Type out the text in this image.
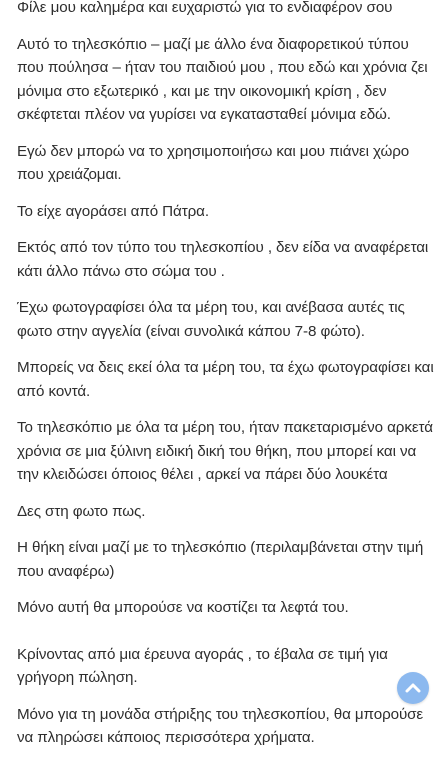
Φίλε μου καλημέρα και ευχαριστώ για το ενδιαφέρον σου

Αυτό το τηλεσκόπιο – μαζί με άλλο ένα διαφορετικού τύπου που πούλησα – ήταν του παιδιού μου , που εδώ και χρόνια ζει μόνιμα στο εξωτερικό , και με την οικονομική κρίση , δεν σκέφτεται πλέον να γυρίσει να εγκατασταθεί μόνιμα εδώ.

Εγώ δεν μπορώ να το χρησιμοποιήσω και μου πιάνει χώρο που χρειάζομαι.

Το είχε αγοράσει από Πάτρα.

Εκτός από τον τύπο του τηλεσκοπίου , δεν είδα να αναφέρεται κάτι άλλο πάνω στο σώμα του .

Έχω φωτογραφίσει όλα τα μέρη του, και ανέβασα αυτές τις φωτο στην αγγελία (είναι συνολικά κάπου 7-8 φώτο).

Μπορείς να δεις εκεί όλα τα μέρη του, τα έχω φωτογραφίσει και από κοντά.

Το τηλεσκόπιο με όλα τα μέρη του, ήταν πακεταρισμένο αρκετά χρόνια σε μια ξύλινη ειδική δική του θήκη, που μπορεί και να την κλειδώσει όποιος θέλει , αρκεί να πάρει δύο λουκέτα

Δες στη φωτο πως.

Η θήκη είναι μαζί με το τηλεσκόπιο (περιλαμβάνεται στην τιμή που αναφέρω)

Μόνο αυτή θα μπορούσε να κοστίζει τα λεφτά του.

Κρίνοντας από μια έρευνα αγοράς , το έβαλα σε τιμή για γρήγορη πώληση.

Μόνο για τη μονάδα στήριξης του τηλεσκοπίου, θα μπορούσε να πληρώσει κάποιος περισσότερα χρήματα.
